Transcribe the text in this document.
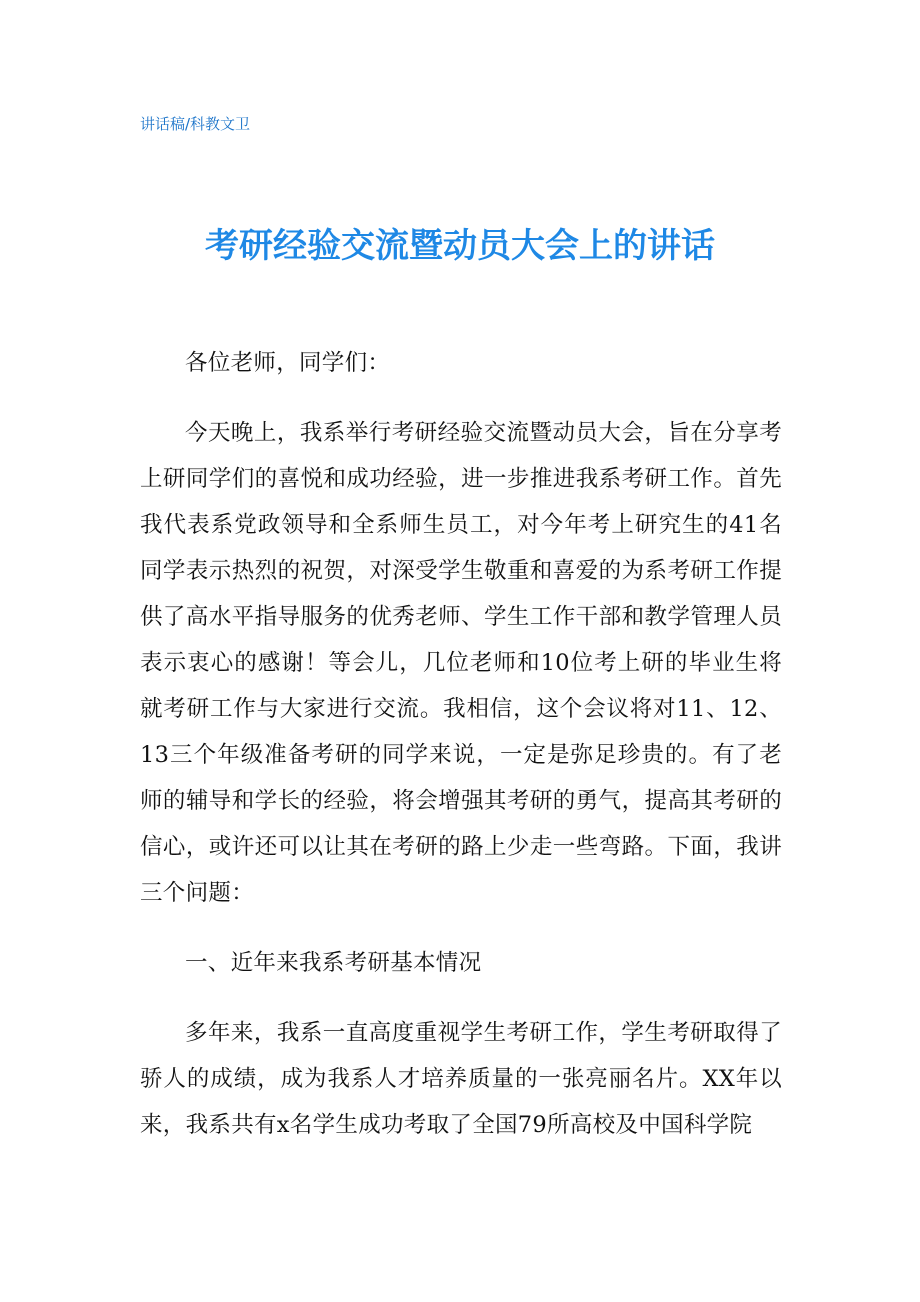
讲话稿/科教文卫
考研经验交流暨动员大会上的讲话

各位老师，同学们：

今天晚上，我系举行考研经验交流暨动员大会，旨在分享考上研同学们的喜悦和成功经验，进一步推进我系考研工作。首先我代表系党政领导和全系师生员工，对今年考上研究生的41名同学表示热烈的祝贺，对深受学生敬重和喜爱的为系考研工作提供了高水平指导服务的优秀老师、学生工作干部和教学管理人员表示衷心的感谢！等会儿，几位老师和10位考上研的毕业生将就考研工作与大家进行交流。我相信，这个会议将对11、12、13三个年级准备考研的同学来说，一定是弥足珍贵的。有了老师的辅导和学长的经验，将会增强其考研的勇气，提高其考研的信心，或许还可以让其在考研的路上少走一些弯路。下面，我讲三个问题：

一、近年来我系考研基本情况

多年来，我系一直高度重视学生考研工作，学生考研取得了骄人的成绩，成为我系人才培养质量的一张亮丽名片。XX年以来，我系共有x名学生成功考取了全国79所高校及中国科学院
